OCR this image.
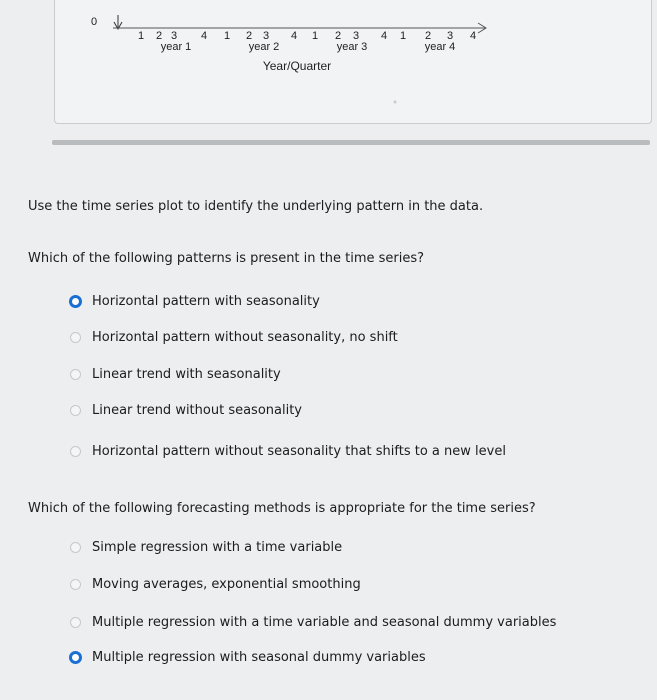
0
1 2 3 4 1 2 3 4 1 2 3 4 1 2 3 4
year 1	year 2	year 3	year 4
Year/Quarter
Use the time series plot to identify the underlying pattern in the data.
Which of the following patterns is present in the time series?
Horizontal pattern with seasonality
Horizontal pattern without seasonality, no shift
Linear trend with seasonality
Linear trend without seasonality
Horizontal pattern without seasonality that shifts to a new level
Which of the following forecasting methods is appropriate for the time series?
Simple regression with a time variable
Moving averages, exponential smoothing
Multiple regression with a time variable and seasonal dummy variables
Multiple regression with seasonal dummy variables
